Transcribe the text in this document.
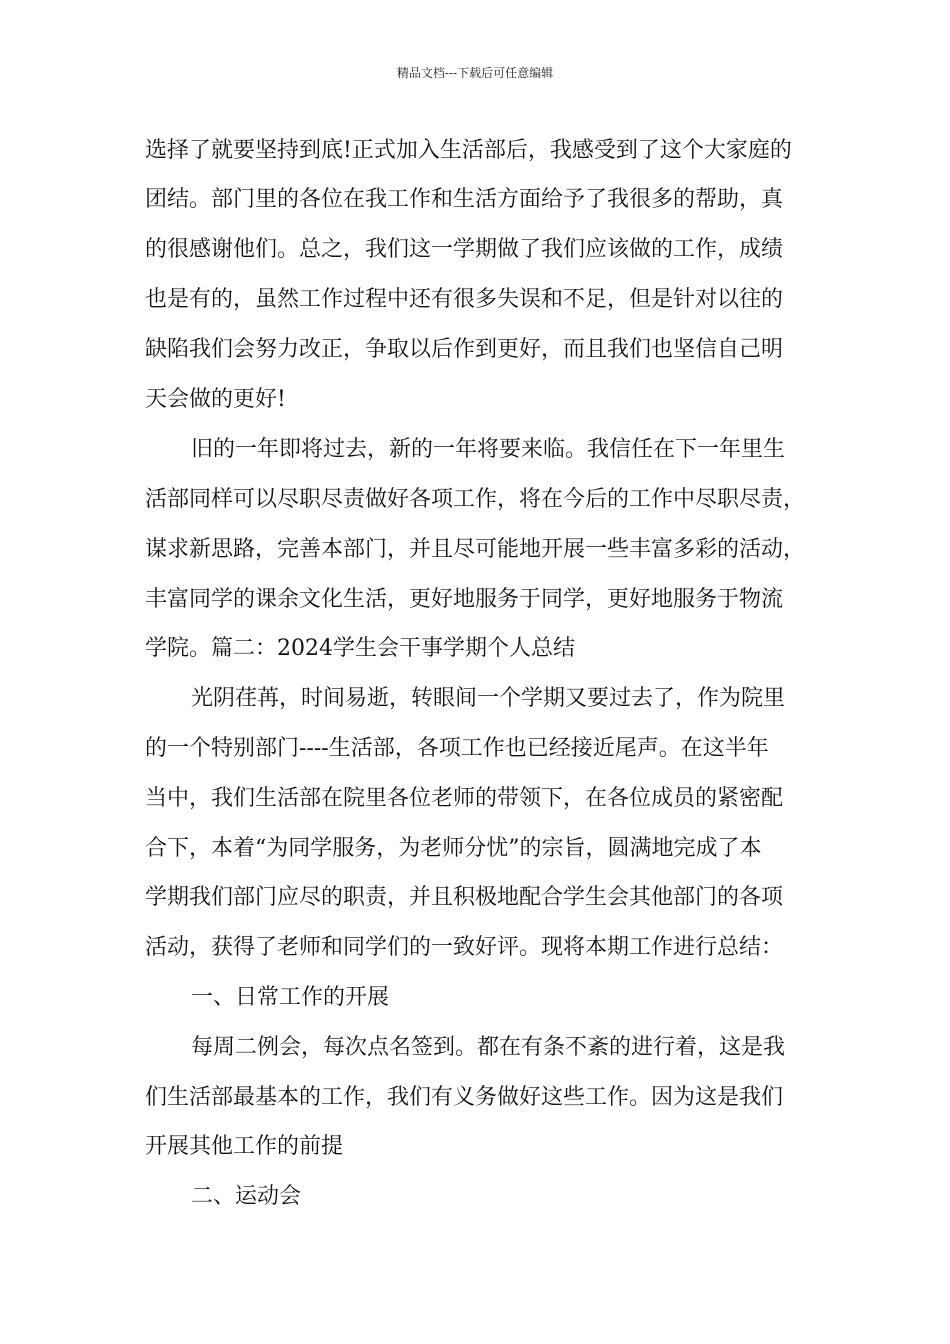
精品文档---下载后可任意编辑
选择了就要坚持到底!正式加入生活部后，我感受到了这个大家庭的
团结。部门里的各位在我工作和生活方面给予了我很多的帮助，真
的很感谢他们。总之，我们这一学期做了我们应该做的工作，成绩
也是有的，虽然工作过程中还有很多失误和不足，但是针对以往的
缺陷我们会努力改正，争取以后作到更好，而且我们也坚信自己明
天会做的更好!
旧的一年即将过去，新的一年将要来临。我信任在下一年里生
活部同样可以尽职尽责做好各项工作，将在今后的工作中尽职尽责，
谋求新思路，完善本部门，并且尽可能地开展一些丰富多彩的活动，
丰富同学的课余文化生活，更好地服务于同学，更好地服务于物流
学院。篇二：2024学生会干事学期个人总结
光阴荏苒，时间易逝，转眼间一个学期又要过去了，作为院里
的一个特别部门----生活部，各项工作也已经接近尾声。在这半年
当中，我们生活部在院里各位老师的带领下，在各位成员的紧密配
合下，本着“为同学服务，为老师分忧”的宗旨，圆满地完成了本
学期我们部门应尽的职责，并且积极地配合学生会其他部门的各项
活动，获得了老师和同学们的一致好评。现将本期工作进行总结：
一、日常工作的开展
每周二例会，每次点名签到。都在有条不紊的进行着，这是我
们生活部最基本的工作，我们有义务做好这些工作。因为这是我们
开展其他工作的前提
二、运动会
